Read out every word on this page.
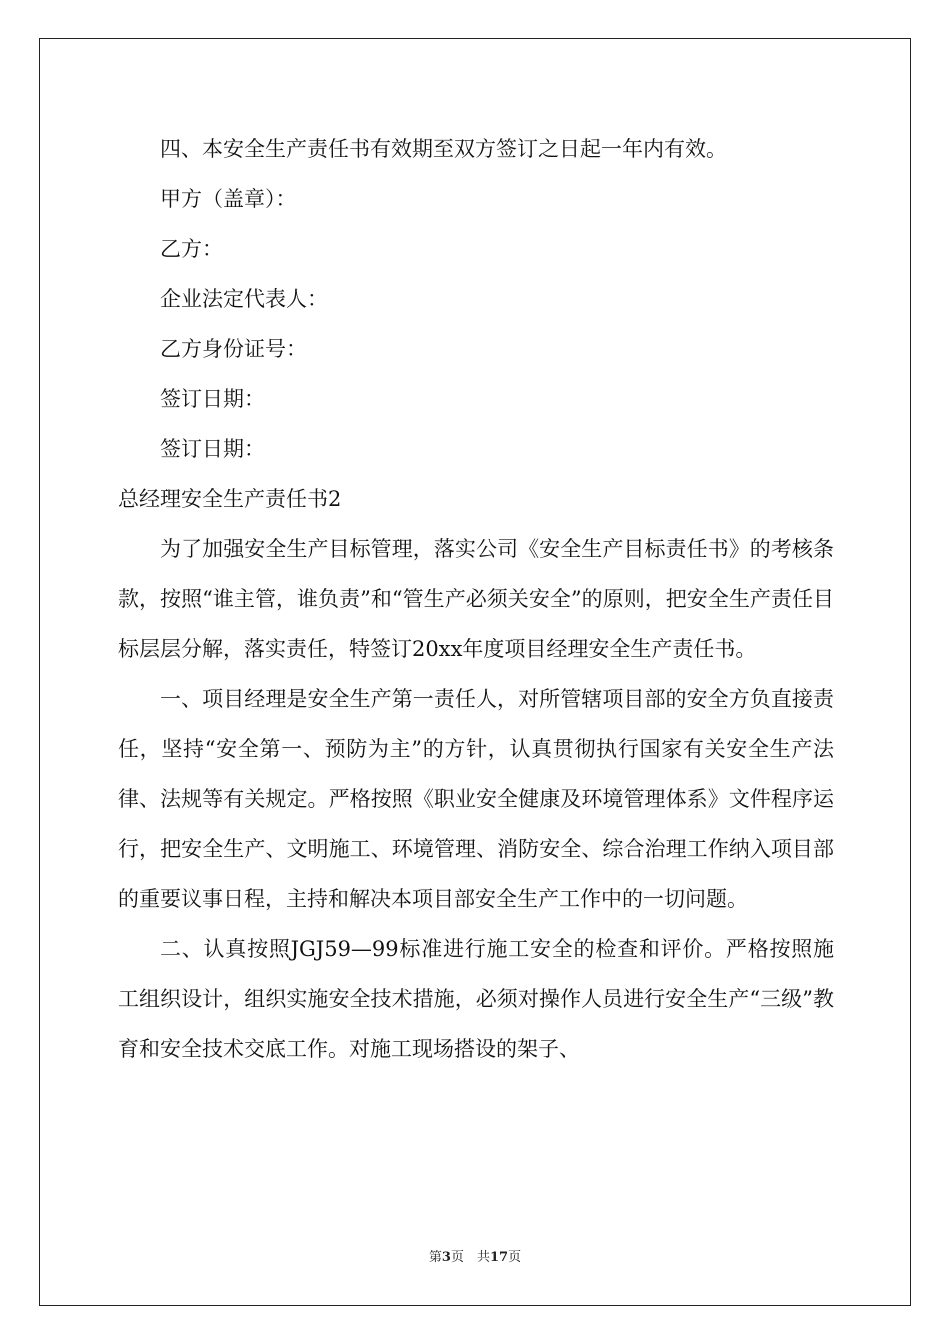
四、本安全生产责任书有效期至双方签订之日起一年内有效。

甲方（盖章）：

乙方：

企业法定代表人：

乙方身份证号：

签订日期：

签订日期：

总经理安全生产责任书2

为了加强安全生产目标管理，落实公司《安全生产目标责任书》的考核条款，按照“谁主管，谁负责”和“管生产必须关安全”的原则，把安全生产责任目标层层分解，落实责任，特签订20xx年度项目经理安全生产责任书。

一、项目经理是安全生产第一责任人，对所管辖项目部的安全方负直接责任，坚持“安全第一、预防为主”的方针，认真贯彻执行国家有关安全生产法律、法规等有关规定。严格按照《职业安全健康及环境管理体系》文件程序运行，把安全生产、文明施工、环境管理、消防安全、综合治理工作纳入项目部的重要议事日程，主持和解决本项目部安全生产工作中的一切问题。

二、认真按照JGJ59—99标准进行施工安全的检查和评价。严格按照施工组织设计，组织实施安全技术措施，必须对操作人员进行安全生产“三级”教育和安全技术交底工作。对施工现场搭设的架子、

第3页　共17页
